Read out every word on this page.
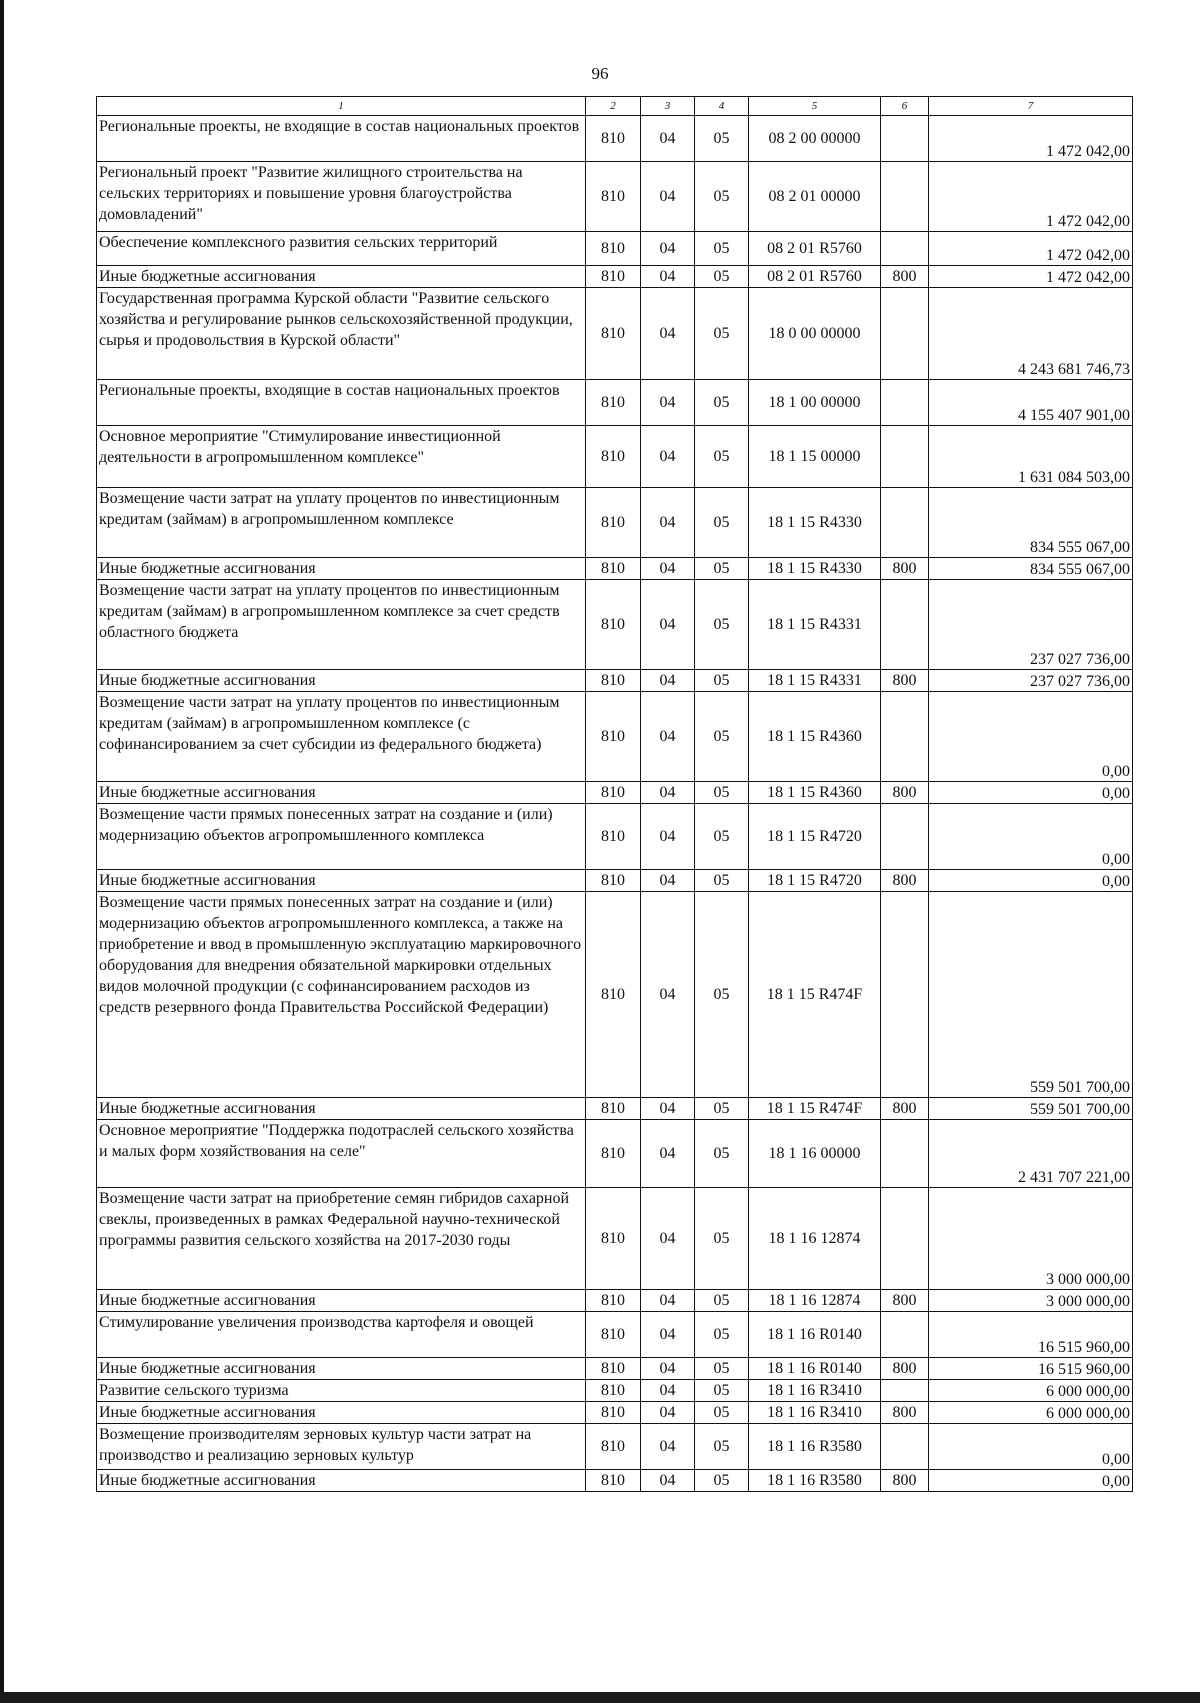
96
1	2	3	4	5	6	7
Региональные проекты, не входящие в состав национальных проектов	810	04	05	08 2 00 00000		1 472 042,00
Региональный проект "Развитие жилищного строительства на сельских территориях и повышение уровня благоустройства домовладений"	810	04	05	08 2 01 00000		1 472 042,00
Обеспечение комплексного развития сельских территорий	810	04	05	08 2 01 R5760		1 472 042,00
Иные бюджетные ассигнования	810	04	05	08 2 01 R5760	800	1 472 042,00
Государственная программа Курской области "Развитие сельского хозяйства и регулирование рынков сельскохозяйственной продукции, сырья и продовольствия в Курской области"	810	04	05	18 0 00 00000		4 243 681 746,73
Региональные проекты, входящие в состав национальных проектов	810	04	05	18 1 00 00000		4 155 407 901,00
Основное мероприятие "Стимулирование инвестиционной деятельности в агропромышленном комплексе"	810	04	05	18 1 15 00000		1 631 084 503,00
Возмещение части затрат на уплату процентов по инвестиционным кредитам (займам) в агропромышленном комплексе	810	04	05	18 1 15 R4330		834 555 067,00
Иные бюджетные ассигнования	810	04	05	18 1 15 R4330	800	834 555 067,00
Возмещение части затрат на уплату процентов по инвестиционным кредитам (займам) в агропромышленном комплексе за счет средств областного бюджета	810	04	05	18 1 15 R4331		237 027 736,00
Иные бюджетные ассигнования	810	04	05	18 1 15 R4331	800	237 027 736,00
Возмещение части затрат на уплату процентов по инвестиционным кредитам (займам) в агропромышленном комплексе (с софинансированием за счет субсидии из федерального бюджета)	810	04	05	18 1 15 R4360		0,00
Иные бюджетные ассигнования	810	04	05	18 1 15 R4360	800	0,00
Возмещение части прямых понесенных затрат на создание и (или) модернизацию объектов агропромышленного комплекса	810	04	05	18 1 15 R4720		0,00
Иные бюджетные ассигнования	810	04	05	18 1 15 R4720	800	0,00
Возмещение части прямых понесенных затрат на создание и (или) модернизацию объектов агропромышленного комплекса, а также на приобретение и ввод в промышленную эксплуатацию маркировочного оборудования для внедрения обязательной маркировки отдельных видов молочной продукции (с софинансированием расходов из средств резервного фонда Правительства Российской Федерации)	810	04	05	18 1 15 R474F		559 501 700,00
Иные бюджетные ассигнования	810	04	05	18 1 15 R474F	800	559 501 700,00
Основное мероприятие "Поддержка подотраслей сельского хозяйства и малых форм хозяйствования на селе"	810	04	05	18 1 16 00000		2 431 707 221,00
Возмещение части затрат на приобретение семян гибридов сахарной свеклы, произведенных в рамках Федеральной научно-технической программы развития сельского хозяйства на 2017-2030 годы	810	04	05	18 1 16 12874		3 000 000,00
Иные бюджетные ассигнования	810	04	05	18 1 16 12874	800	3 000 000,00
Стимулирование увеличения производства картофеля и овощей	810	04	05	18 1 16 R0140		16 515 960,00
Иные бюджетные ассигнования	810	04	05	18 1 16 R0140	800	16 515 960,00
Развитие сельского туризма	810	04	05	18 1 16 R3410		6 000 000,00
Иные бюджетные ассигнования	810	04	05	18 1 16 R3410	800	6 000 000,00
Возмещение производителям зерновых культур части затрат на производство и реализацию зерновых культур	810	04	05	18 1 16 R3580		0,00
Иные бюджетные ассигнования	810	04	05	18 1 16 R3580	800	0,00
